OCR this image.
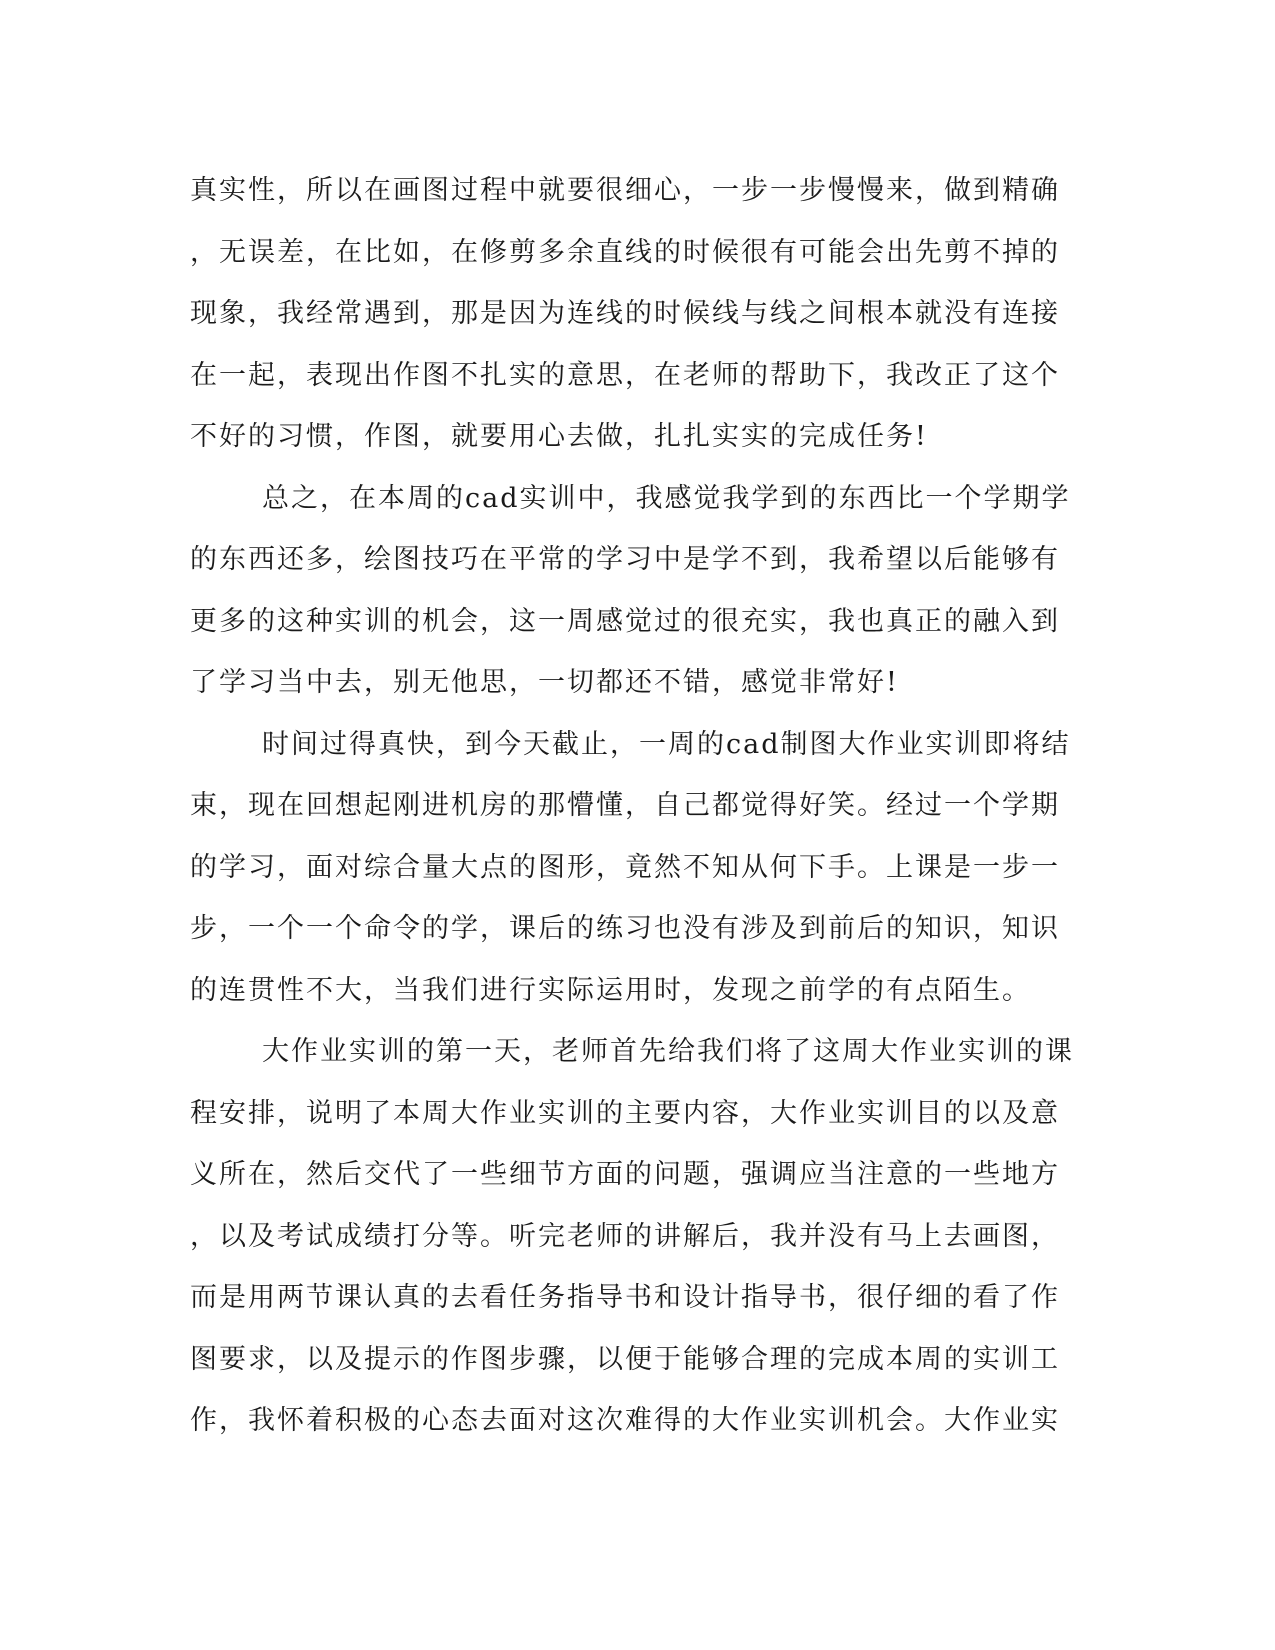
真实性，所以在画图过程中就要很细心，一步一步慢慢来，做到精确
，无误差，在比如，在修剪多余直线的时候很有可能会出先剪不掉的
现象，我经常遇到，那是因为连线的时候线与线之间根本就没有连接
在一起，表现出作图不扎实的意思，在老师的帮助下，我改正了这个
不好的习惯，作图，就要用心去做，扎扎实实的完成任务!
总之，在本周的cad实训中，我感觉我学到的东西比一个学期学
的东西还多，绘图技巧在平常的学习中是学不到，我希望以后能够有
更多的这种实训的机会，这一周感觉过的很充实，我也真正的融入到
了学习当中去，别无他思，一切都还不错，感觉非常好!
时间过得真快，到今天截止，一周的cad制图大作业实训即将结
束，现在回想起刚进机房的那懵懂，自己都觉得好笑。经过一个学期
的学习，面对综合量大点的图形，竟然不知从何下手。上课是一步一
步，一个一个命令的学，课后的练习也没有涉及到前后的知识，知识
的连贯性不大，当我们进行实际运用时，发现之前学的有点陌生。
大作业实训的第一天，老师首先给我们将了这周大作业实训的课
程安排，说明了本周大作业实训的主要内容，大作业实训目的以及意
义所在，然后交代了一些细节方面的问题，强调应当注意的一些地方
，以及考试成绩打分等。听完老师的讲解后，我并没有马上去画图，
而是用两节课认真的去看任务指导书和设计指导书，很仔细的看了作
图要求，以及提示的作图步骤，以便于能够合理的完成本周的实训工
作，我怀着积极的心态去面对这次难得的大作业实训机会。大作业实
